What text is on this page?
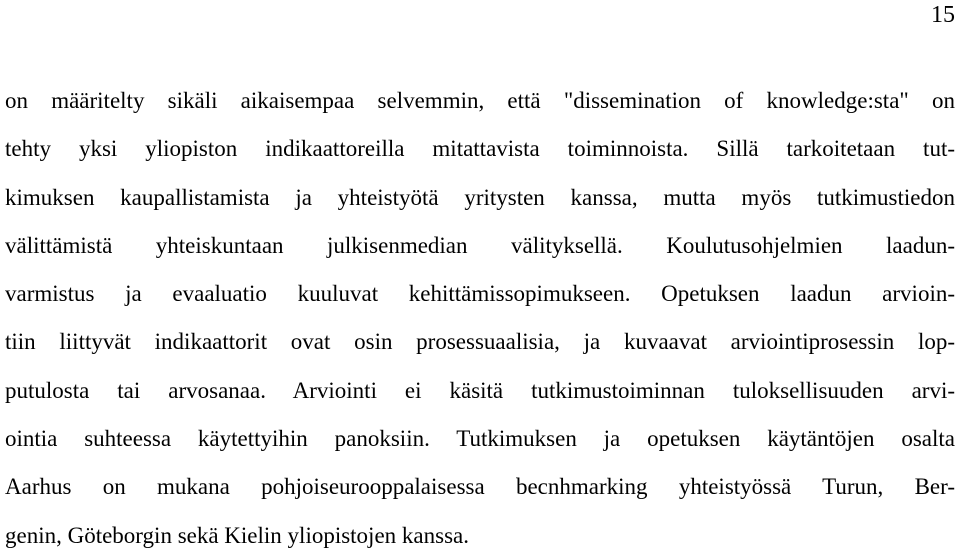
15
on määritelty sikäli aikaisempaa selvemmin, että "dissemination of knowledge:sta" on
tehty yksi yliopiston indikaattoreilla mitattavista toiminnoista. Sillä tarkoitetaan tut-
kimuksen kaupallistamista ja yhteistyötä yritysten kanssa, mutta myös tutkimustiedon
välittämistä yhteiskuntaan julkisenmedian välityksellä. Koulutusohjelmien laadun-
varmistus ja evaaluatio kuuluvat kehittämissopimukseen. Opetuksen laadun arvioin-
tiin liittyvät indikaattorit ovat osin prosessuaalisia, ja kuvaavat arviointiprosessin lop-
putulosta tai arvosanaa. Arviointi ei käsitä tutkimustoiminnan tuloksellisuuden arvi-
ointia suhteessa käytettyihin panoksiin. Tutkimuksen ja opetuksen käytäntöjen osalta
Aarhus on mukana pohjoiseurooppalaisessa becnhmarking yhteistyössä Turun, Ber-
genin, Göteborgin sekä Kielin yliopistojen kanssa.
